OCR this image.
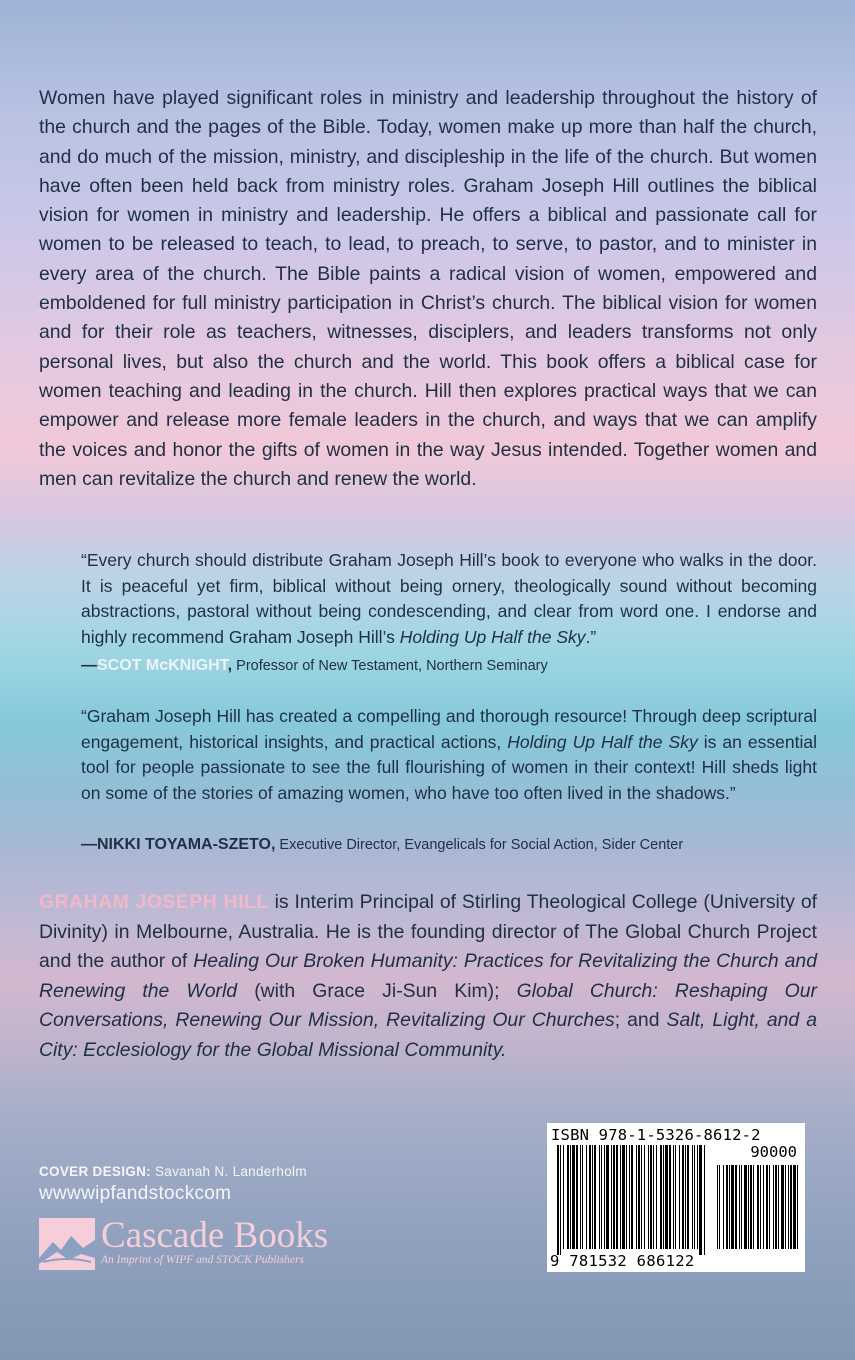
Women have played significant roles in ministry and leadership throughout the history of the church and the pages of the Bible. Today, women make up more than half the church, and do much of the mission, ministry, and discipleship in the life of the church. But women have often been held back from ministry roles. Graham Joseph Hill outlines the biblical vision for women in ministry and leadership. He offers a biblical and passionate call for women to be released to teach, to lead, to preach, to serve, to pastor, and to minister in every area of the church. The Bible paints a radical vision of women, empowered and emboldened for full ministry participation in Christ’s church. The biblical vision for women and for their role as teachers, witnesses, disciplers, and leaders transforms not only personal lives, but also the church and the world. This book offers a biblical case for women teaching and leading in the church. Hill then explores practical ways that we can empower and release more female leaders in the church, and ways that we can amplify the voices and honor the gifts of women in the way Jesus intended. Together women and men can revitalize the church and renew the world.

“Every church should distribute Graham Joseph Hill’s book to everyone who walks in the door. It is peaceful yet firm, biblical without being ornery, theologically sound without becoming abstractions, pastoral without being condescending, and clear from word one. I endorse and highly recommend Graham Joseph Hill’s Holding Up Half the Sky.”

—SCOT McKNIGHT, Professor of New Testament, Northern Seminary

“Graham Joseph Hill has created a compelling and thorough resource! Through deep scriptural engagement, historical insights, and practical actions, Holding Up Half the Sky is an essential tool for people passionate to see the full flourishing of women in their context! Hill sheds light on some of the stories of amazing women, who have too often lived in the shadows.”

—NIKKI TOYAMA-SZETO, Executive Director, Evangelicals for Social Action, Sider Center

GRAHAM JOSEPH HILL is Interim Principal of Stirling Theological College (University of Divinity) in Melbourne, Australia. He is the founding director of The Global Church Project and the author of Healing Our Broken Humanity: Practices for Revitalizing the Church and Renewing the World (with Grace Ji-Sun Kim); Global Church: Reshaping Our Conversations, Renewing Our Mission, Revitalizing Our Churches; and Salt, Light, and a City: Ecclesiology for the Global Missional Community.

COVER DESIGN: Savanah N. Landerholm
wwwwipfandstockcom
Cascade Books
An Imprint of WIPF and STOCK Publishers
ISBN 978-1-5326-8612-2
90000
9 781532 686122
